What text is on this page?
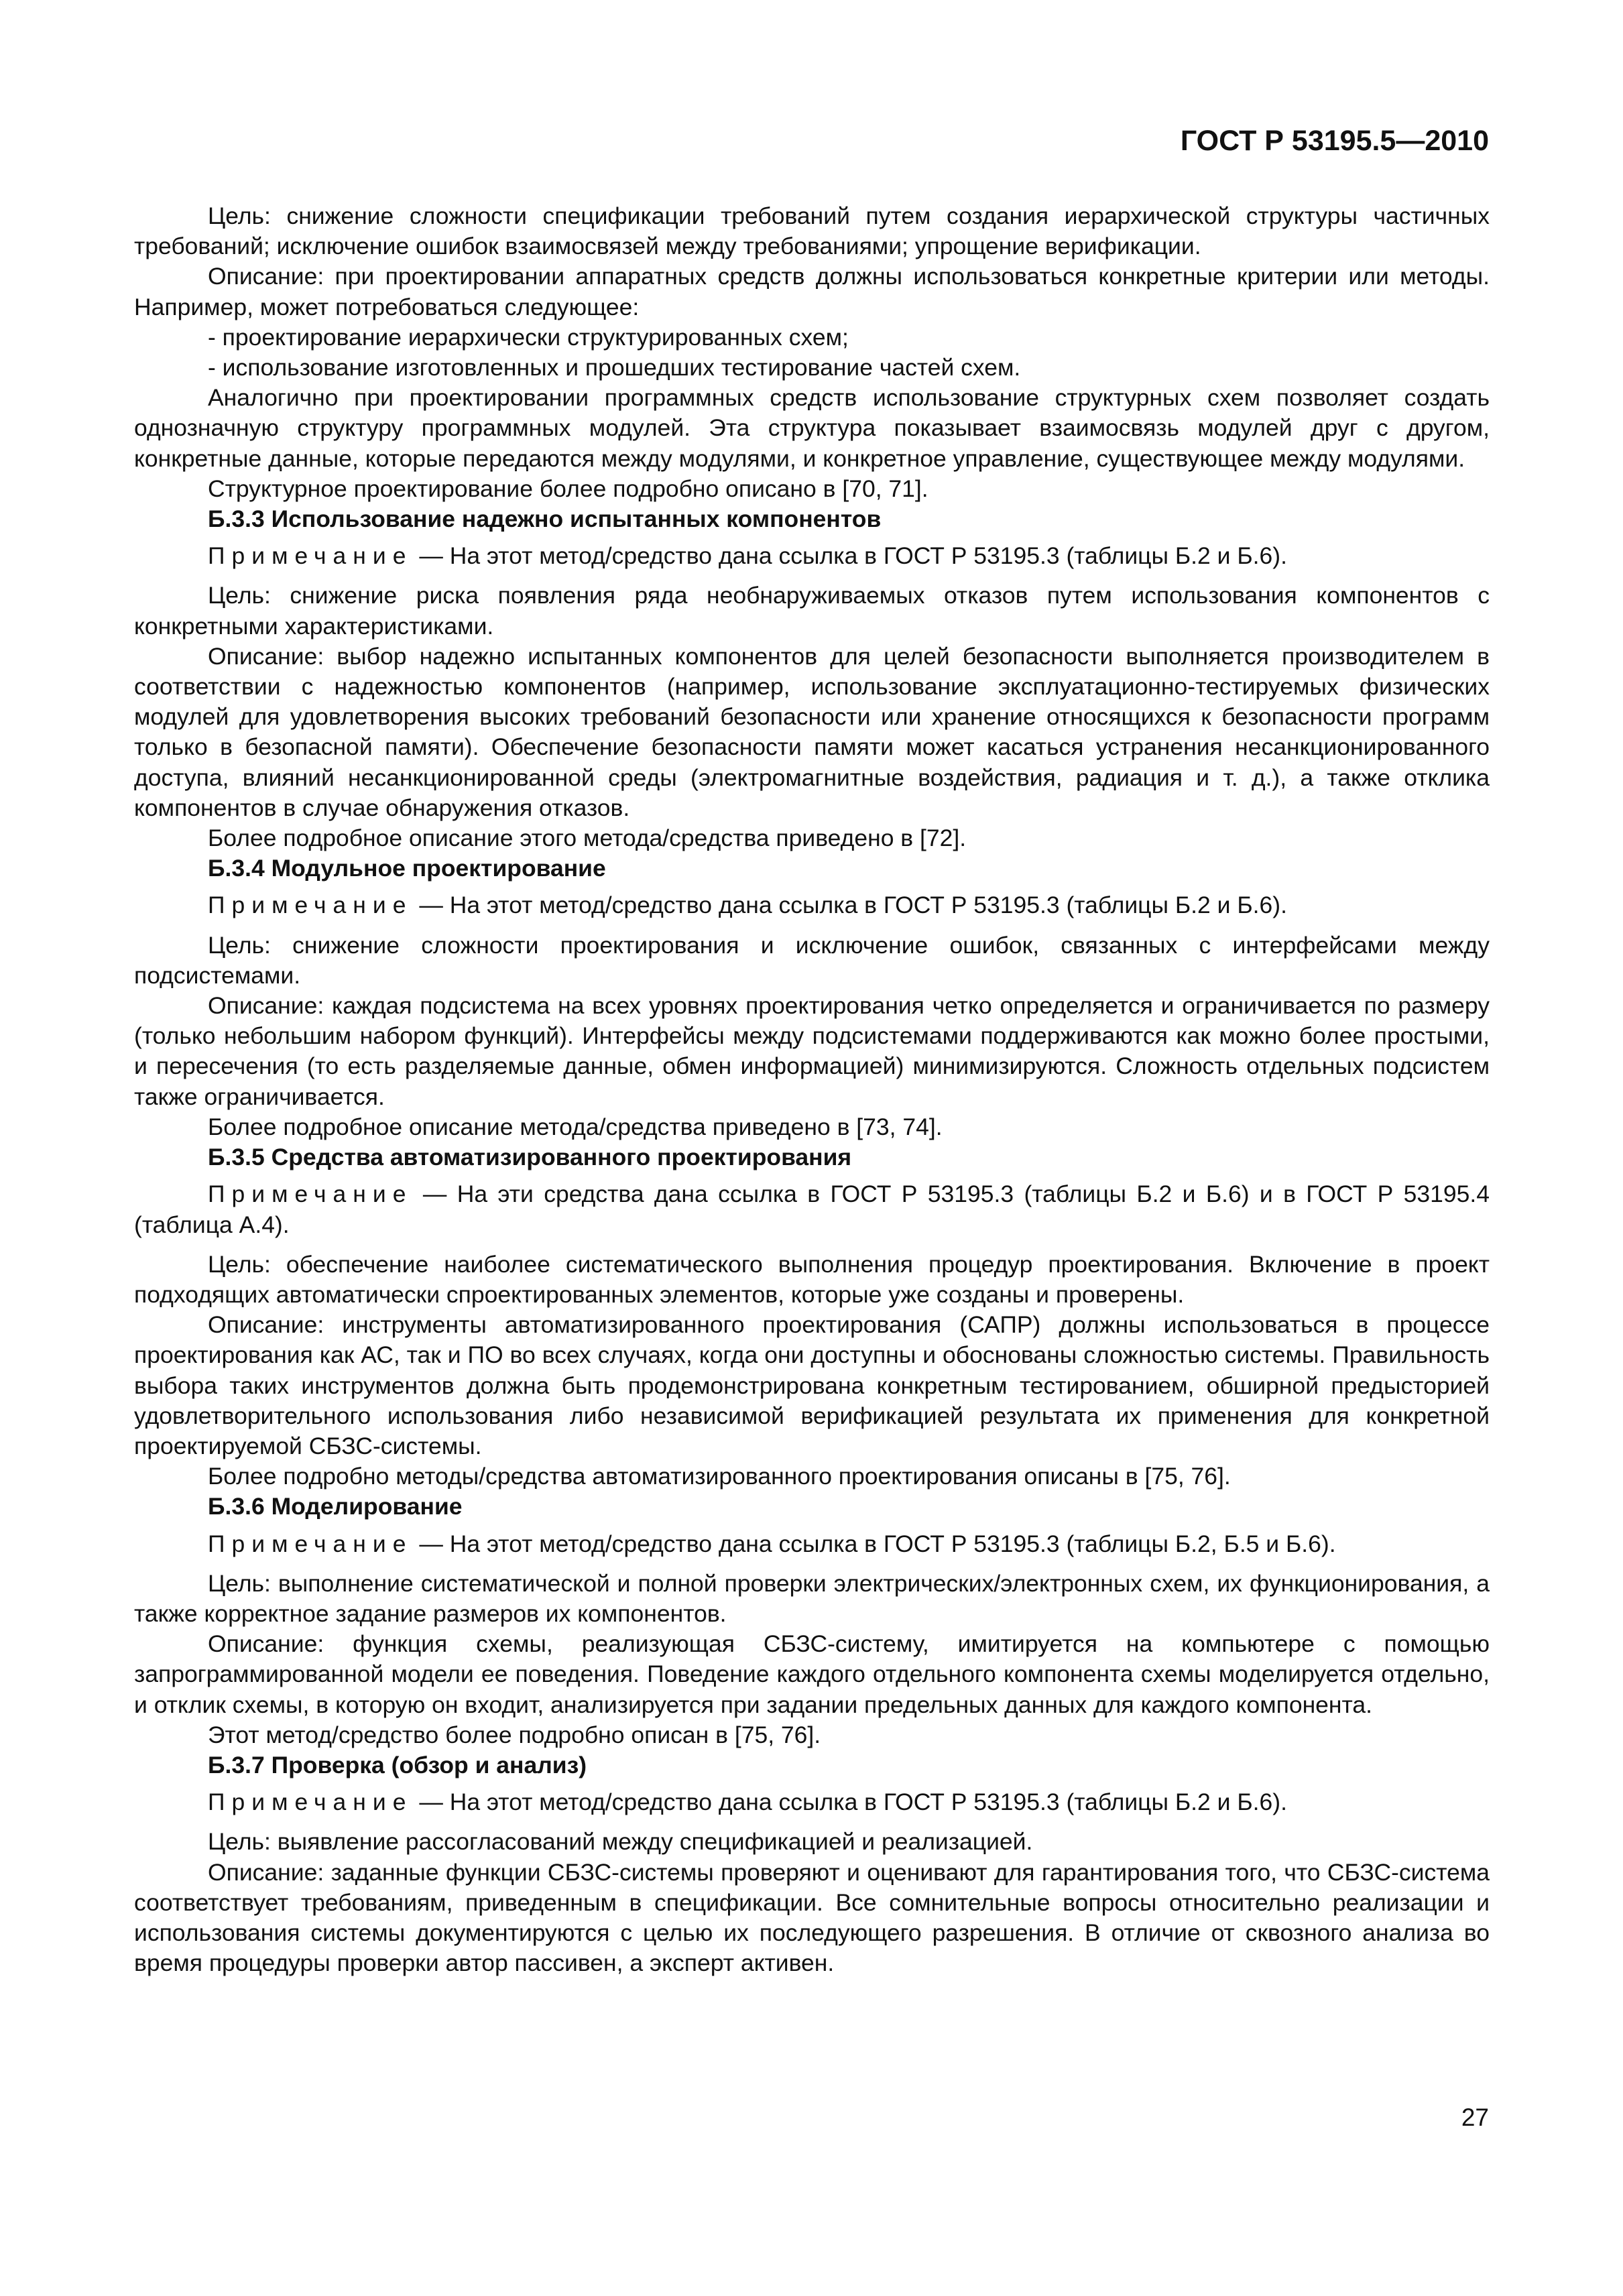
ГОСТ Р 53195.5—2010

Цель: снижение сложности спецификации требований путем создания иерархической структуры частичных требований; исключение ошибок взаимосвязей между требованиями; упрощение верификации.

Описание: при проектировании аппаратных средств должны использоваться конкретные критерии или методы. Например, может потребоваться следующее:

- проектирование иерархически структурированных схем;

- использование изготовленных и прошедших тестирование частей схем.

Аналогично при проектировании программных средств использование структурных схем позволяет создать однозначную структуру программных модулей. Эта структура показывает взаимосвязь модулей друг с другом, конкретные данные, которые передаются между модулями, и конкретное управление, существующее между модулями.

Структурное проектирование более подробно описано в [70, 71].

Б.3.3 Использование надежно испытанных компонентов

Примечание — На этот метод/средство дана ссылка в ГОСТ Р 53195.3 (таблицы Б.2 и Б.6).

Цель: снижение риска появления ряда необнаруживаемых отказов путем использования компонентов с конкретными характеристиками.

Описание: выбор надежно испытанных компонентов для целей безопасности выполняется производителем в соответствии с надежностью компонентов (например, использование эксплуатационно-тестируемых физических модулей для удовлетворения высоких требований безопасности или хранение относящихся к безопасности программ только в безопасной памяти). Обеспечение безопасности памяти может касаться устранения несанкционированного доступа, влияний несанкционированной среды (электромагнитные воздействия, радиация и т. д.), а также отклика компонентов в случае обнаружения отказов.

Более подробное описание этого метода/средства приведено в [72].

Б.3.4 Модульное проектирование

Примечание — На этот метод/средство дана ссылка в ГОСТ Р 53195.3 (таблицы Б.2 и Б.6).

Цель: снижение сложности проектирования и исключение ошибок, связанных с интерфейсами между подсистемами.

Описание: каждая подсистема на всех уровнях проектирования четко определяется и ограничивается по размеру (только небольшим набором функций). Интерфейсы между подсистемами поддерживаются как можно более простыми, и пересечения (то есть разделяемые данные, обмен информацией) минимизируются. Сложность отдельных подсистем также ограничивается.

Более подробное описание метода/средства приведено в [73, 74].

Б.3.5 Средства автоматизированного проектирования

Примечание — На эти средства дана ссылка в ГОСТ Р 53195.3 (таблицы Б.2 и Б.6) и в ГОСТ Р 53195.4 (таблица А.4).

Цель: обеспечение наиболее систематического выполнения процедур проектирования. Включение в проект подходящих автоматически спроектированных элементов, которые уже созданы и проверены.

Описание: инструменты автоматизированного проектирования (САПР) должны использоваться в процессе проектирования как АС, так и ПО во всех случаях, когда они доступны и обоснованы сложностью системы. Правильность выбора таких инструментов должна быть продемонстрирована конкретным тестированием, обширной предысторией удовлетворительного использования либо независимой верификацией результата их применения для конкретной проектируемой СБЗС-системы.

Более подробно методы/средства автоматизированного проектирования описаны в [75, 76].

Б.3.6 Моделирование

Примечание — На этот метод/средство дана ссылка в ГОСТ Р 53195.3 (таблицы Б.2, Б.5 и Б.6).

Цель: выполнение систематической и полной проверки электрических/электронных схем, их функционирования, а также корректное задание размеров их компонентов.

Описание: функция схемы, реализующая СБЗС-систему, имитируется на компьютере с помощью запрограммированной модели ее поведения. Поведение каждого отдельного компонента схемы моделируется отдельно, и отклик схемы, в которую он входит, анализируется при задании предельных данных для каждого компонента.

Этот метод/средство более подробно описан в [75, 76].

Б.3.7 Проверка (обзор и анализ)

Примечание — На этот метод/средство дана ссылка в ГОСТ Р 53195.3 (таблицы Б.2 и Б.6).

Цель: выявление рассогласований между спецификацией и реализацией.

Описание: заданные функции СБЗС-системы проверяют и оценивают для гарантирования того, что СБЗС-система соответствует требованиям, приведенным в спецификации. Все сомнительные вопросы относительно реализации и использования системы документируются с целью их последующего разрешения. В отличие от сквозного анализа во время процедуры проверки автор пассивен, а эксперт активен.

27
